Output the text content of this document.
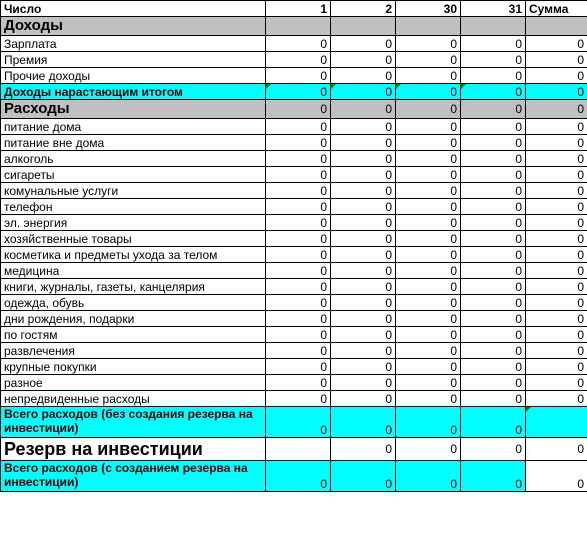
Число	1	2	30	31	Сумма
Доходы					
Зарплата	0	0	0	0	0
Премия	0	0	0	0	0
Прочие доходы	0	0	0	0	0
Доходы нарастающим итогом	0	0	0	0	0
Расходы	0	0	0	0	0
питание дома	0	0	0	0	0
питание вне дома	0	0	0	0	0
алкоголь	0	0	0	0	0
сигареты	0	0	0	0	0
комунальные услуги	0	0	0	0	0
телефон	0	0	0	0	0
эл. энергия	0	0	0	0	0
хозяйственные товары	0	0	0	0	0
косметика и предметы ухода за телом	0	0	0	0	0
медицина	0	0	0	0	0
книги, журналы, газеты, канцелярия	0	0	0	0	0
одежда, обувь	0	0	0	0	0
дни рождения, подарки	0	0	0	0	0
по гостям	0	0	0	0	0
развлечения	0	0	0	0	0
крупные покупки	0	0	0	0	0
разное	0	0	0	0	0
непредвиденные расходы	0	0	0	0	0
Всего расходов (без создания резерва на инвестиции)	0	0	0	0	
Резерв на инвестиции		0	0	0	0
Всего расходов (с созданием резерва на инвестиции)	0	0	0	0	0
